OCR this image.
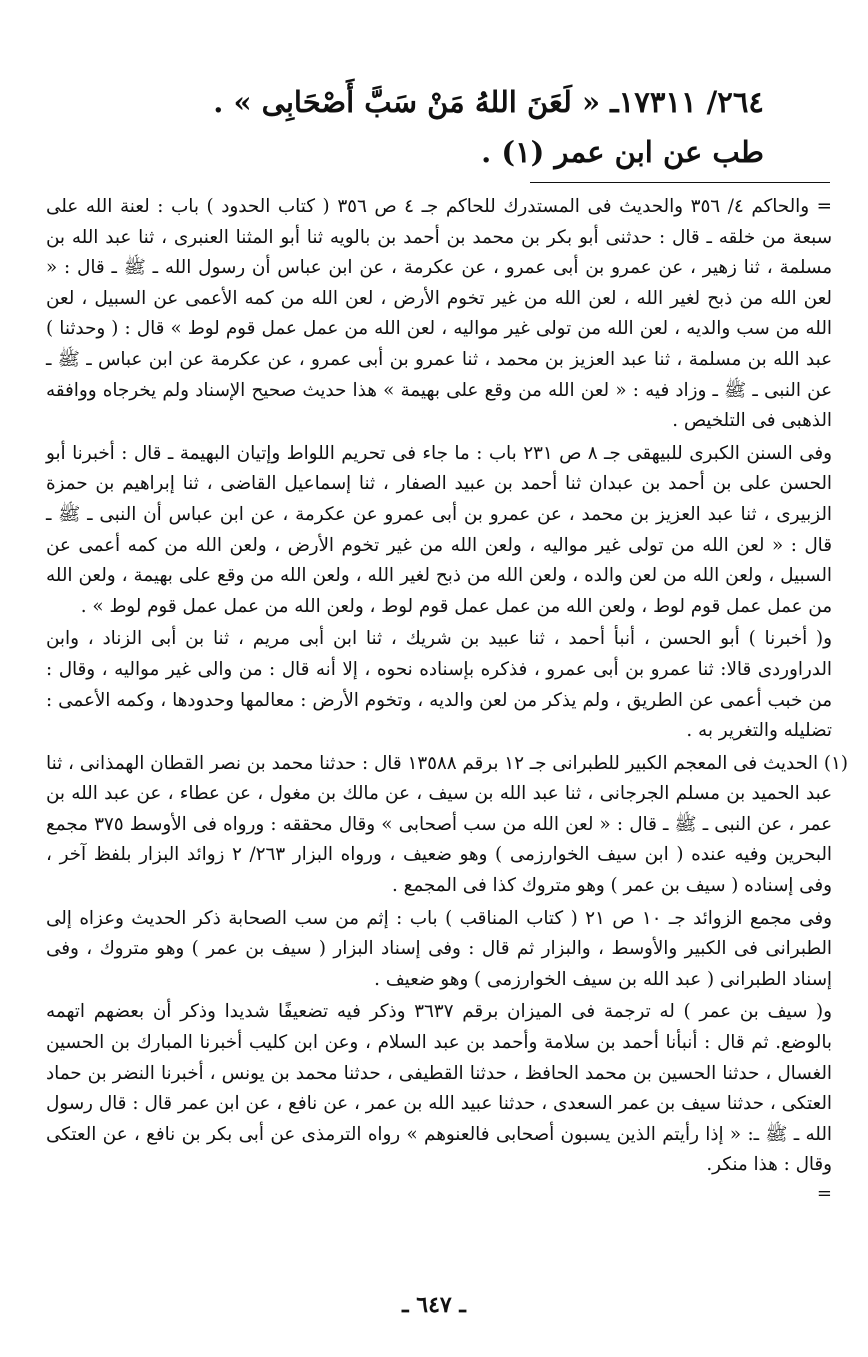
٢٦٤/ ١٧٣١١ـ « لَعَنَ اللهُ مَنْ سَبَّ أَصْحَابِى » .
طب عن ابن عمر (١) .

= والحاكم ٤/ ٣٥٦ والحديث فى المستدرك للحاكم جـ ٤ ص ٣٥٦ ( كتاب الحدود ) باب : لعنة الله على سبعة من خلقه ـ قال : حدثنى أبو بكر بن محمد بن أحمد بن بالويه ثنا أبو المثنا العنبرى ، ثنا عبد الله بن مسلمة ، ثنا زهير ، عن عمرو بن أبى عمرو ، عن عكرمة ، عن ابن عباس أن رسول الله ـ ﷺ ـ قال : « لعن الله من ذبح لغير الله ، لعن الله من غير تخوم الأرض ، لعن الله من كمه الأعمى عن السبيل ، لعن الله من سب والديه ، لعن الله من تولى غير مواليه ، لعن الله من عمل عمل قوم لوط » قال : ( وحدثنا ) عبد الله بن مسلمة ، ثنا عبد العزيز بن محمد ، ثنا عمرو بن أبى عمرو ، عن عكرمة عن ابن عباس ـ ﷺ ـ عن النبى ـ ﷺ ـ وزاد فيه : « لعن الله من وقع على بهيمة » هذا حديث صحيح الإسناد ولم يخرجاه ووافقه الذهبى فى التلخيص .

وفى السنن الكبرى للبيهقى جـ ٨ ص ٢٣١ باب : ما جاء فى تحريم اللواط وإتيان البهيمة ـ قال : أخبرنا أبو الحسن على بن أحمد بن عبدان ثنا أحمد بن عبيد الصفار ، ثنا إسماعيل القاضى ، ثنا إبراهيم بن حمزة الزبيرى ، ثنا عبد العزيز بن محمد ، عن عمرو بن أبى عمرو عن عكرمة ، عن ابن عباس أن النبى ـ ﷺ ـ قال : « لعن الله من تولى غير مواليه ، ولعن الله من غير تخوم الأرض ، ولعن الله من كمه أعمى عن السبيل ، ولعن الله من لعن والده ، ولعن الله من ذبح لغير الله ، ولعن الله من وقع على بهيمة ، ولعن الله من عمل عمل قوم لوط ، ولعن الله من عمل عمل قوم لوط ، ولعن الله من عمل عمل قوم لوط » .

و( أخبرنا ) أبو الحسن ، أنبأ أحمد ، ثنا عبيد بن شريك ، ثنا ابن أبى مريم ، ثنا بن أبى الزناد ، وابن الدراوردى قالا: ثنا عمرو بن أبى عمرو ، فذكره بإسناده نحوه ، إلا أنه قال : من والى غير مواليه ، وقال : من خبب أعمى عن الطريق ، ولم يذكر من لعن والديه ، وتخوم الأرض : معالمها وحدودها ، وكمه الأعمى : تضليله والتغرير به .

(١) الحديث فى المعجم الكبير للطبرانى جـ ١٢ برقم ١٣٥٨٨ قال : حدثنا محمد بن نصر القطان الهمذانى ، ثنا عبد الحميد بن مسلم الجرجانى ، ثنا عبد الله بن سيف ، عن مالك بن مغول ، عن عطاء ، عن عبد الله بن عمر ، عن النبى ـ ﷺ ـ قال : « لعن الله من سب أصحابى » وقال محققه : ورواه فى الأوسط ٣٧٥ مجمع البحرين وفيه عنده ( ابن سيف الخوارزمى ) وهو ضعيف ، ورواه البزار ٢٦٣/ ٢ زوائد البزار بلفظ آخر ، وفى إسناده ( سيف بن عمر ) وهو متروك كذا فى المجمع .

وفى مجمع الزوائد جـ ١٠ ص ٢١ ( كتاب المناقب ) باب : إثم من سب الصحابة ذكر الحديث وعزاه إلى الطبرانى فى الكبير والأوسط ، والبزار ثم قال : وفى إسناد البزار ( سيف بن عمر ) وهو متروك ، وفى إسناد الطبرانى ( عبد الله بن سيف الخوارزمى ) وهو ضعيف .

و( سيف بن عمر ) له ترجمة فى الميزان برقم ٣٦٣٧ وذكر فيه تضعيفًا شديدا وذكر أن بعضهم اتهمه بالوضع. ثم قال : أنبأنا أحمد بن سلامة وأحمد بن عبد السلام ، وعن ابن كليب أخبرنا المبارك بن الحسين الغسال ، حدثنا الحسين بن محمد الحافظ ، حدثنا القطيفى ، حدثنا محمد بن يونس ، أخبرنا النضر بن حماد العتكى ، حدثنا سيف بن عمر السعدى ، حدثنا عبيد الله بن عمر ، عن نافع ، عن ابن عمر قال : قال رسول الله ـ ﷺ ـ: « إذا رأيتم الذين يسبون أصحابى فالعنوهم » رواه الترمذى عن أبى بكر بن نافع ، عن العتكى وقال : هذا منكر.

=
ـ ٦٤٧ ـ
